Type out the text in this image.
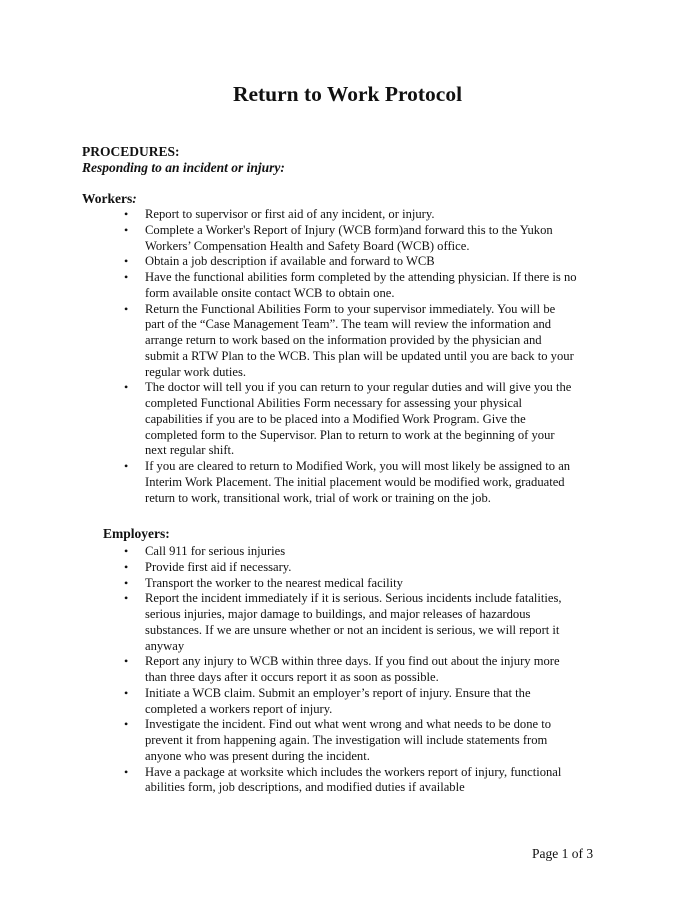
Return to Work Protocol
PROCEDURES:
Responding to an incident or injury:
Workers:
• Report to supervisor or first aid of any incident, or injury.
• Complete a Worker's Report of Injury (WCB form)and forward this to the Yukon Workers’ Compensation Health and Safety Board (WCB) office.
• Obtain a job description if available and forward to WCB
• Have the functional abilities form completed by the attending physician. If there is no form available onsite contact WCB to obtain one.
• Return the Functional Abilities Form to your supervisor immediately. You will be part of the “Case Management Team”. The team will review the information and arrange return to work based on the information provided by the physician and submit a RTW Plan to the WCB. This plan will be updated until you are back to your regular work duties.
• The doctor will tell you if you can return to your regular duties and will give you the completed Functional Abilities Form necessary for assessing your physical capabilities if you are to be placed into a Modified Work Program. Give the completed form to the Supervisor. Plan to return to work at the beginning of your next regular shift.
• If you are cleared to return to Modified Work, you will most likely be assigned to an Interim Work Placement. The initial placement would be modified work, graduated return to work, transitional work, trial of work or training on the job.
Employers:
• Call 911 for serious injuries
• Provide first aid if necessary.
• Transport the worker to the nearest medical facility
• Report the incident immediately if it is serious. Serious incidents include fatalities, serious injuries, major damage to buildings, and major releases of hazardous substances. If we are unsure whether or not an incident is serious, we will report it anyway
• Report any injury to WCB within three days. If you find out about the injury more than three days after it occurs report it as soon as possible.
• Initiate a WCB claim. Submit an employer’s report of injury. Ensure that the completed a workers report of injury.
• Investigate the incident. Find out what went wrong and what needs to be done to prevent it from happening again. The investigation will include statements from anyone who was present during the incident.
• Have a package at worksite which includes the workers report of injury, functional abilities form, job descriptions, and modified duties if available
Page 1 of 3
